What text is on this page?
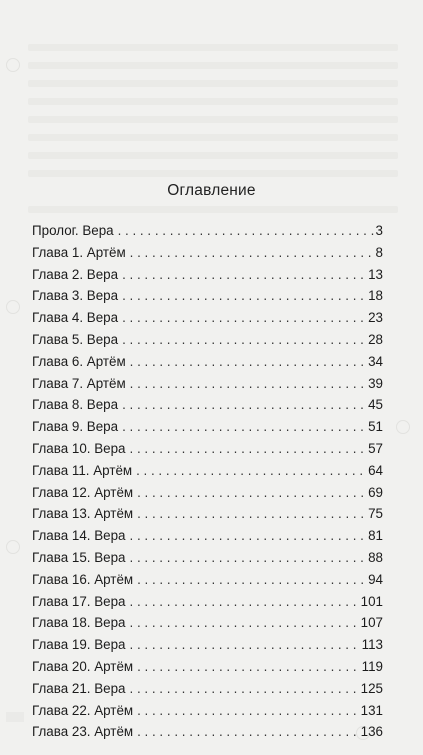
Оглавление
Пролог. Вера . . .	3
Глава 1. Артём . . .	8
Глава 2. Вера . . .	13
Глава 3. Вера . . .	18
Глава 4. Вера . . .	23
Глава 5. Вера . . .	28
Глава 6. Артём . . .	34
Глава 7. Артём . . .	39
Глава 8. Вера . . .	45
Глава 9. Вера . . .	51
Глава 10. Вера . . .	57
Глава 11. Артём . . .	64
Глава 12. Артём . . .	69
Глава 13. Артём . . .	75
Глава 14. Вера . . .	81
Глава 15. Вера . . .	88
Глава 16. Артём . . .	94
Глава 17. Вера . . .	101
Глава 18. Вера . . .	107
Глава 19. Вера . . .	113
Глава 20. Артём . . .	119
Глава 21. Вера . . .	125
Глава 22. Артём . . .	131
Глава 23. Артём . . .	136
